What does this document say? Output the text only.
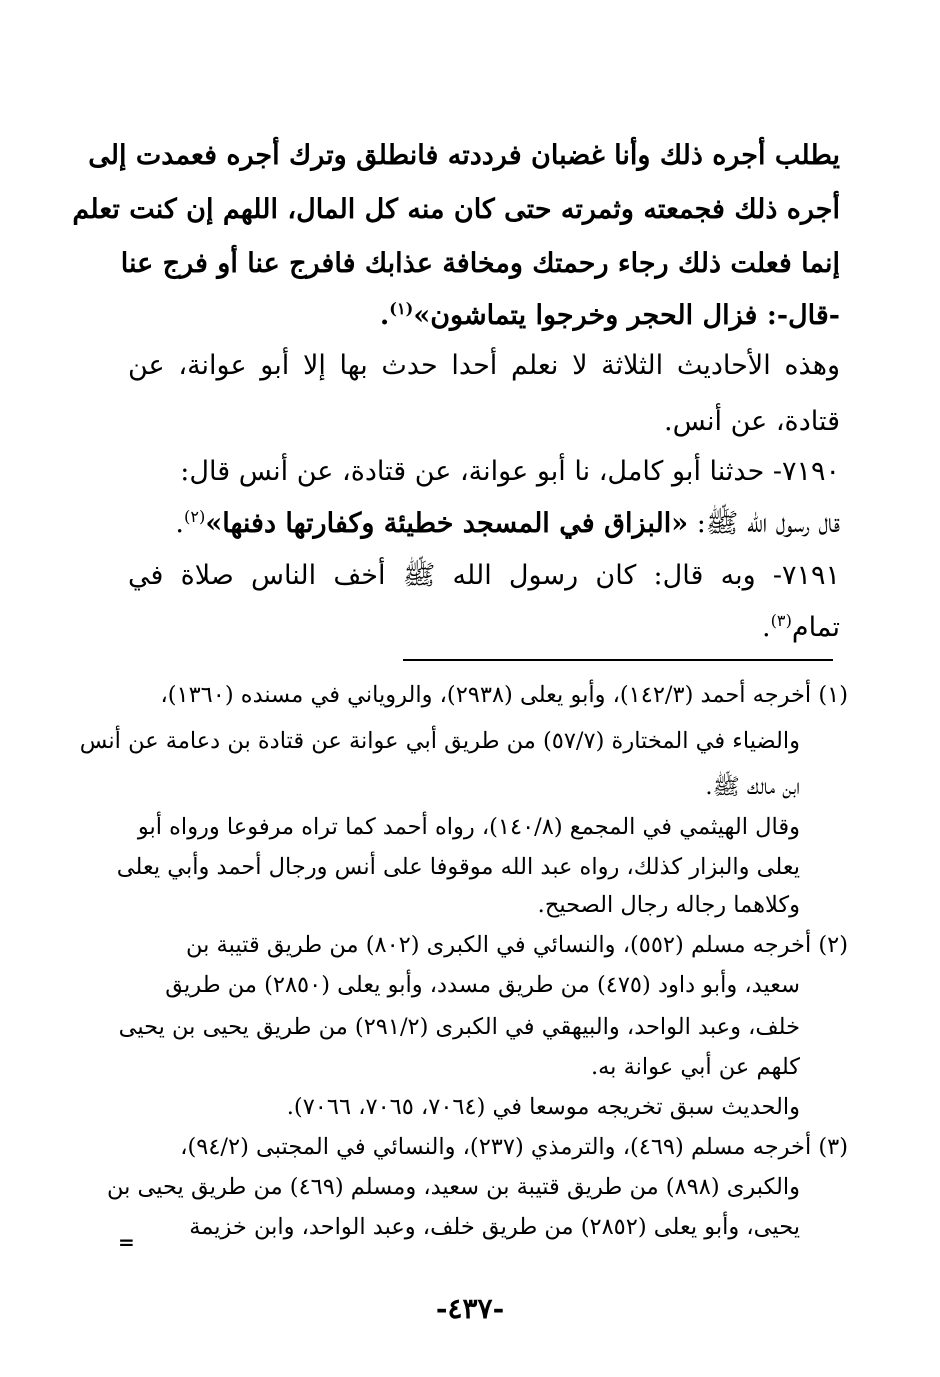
يطلب أجره ذلك وأنا غضبان فرددته فانطلق وترك أجره فعمدت إلى
أجره ذلك فجمعته وثمرته حتى كان منه كل المال، اللهم إن كنت تعلم
إنما فعلت ذلك رجاء رحمتك ومخافة عذابك فافرج عنا أو فرج عنا
-قال-: فزال الحجر وخرجوا يتماشون»$^{(١)}$.
وهذه الأحاديث الثلاثة لا نعلم أحدا حدث بها إلا أبو عوانة، عن
قتادة، عن أنس.
٧١٩٠- حدثنا أبو كامل، نا أبو عوانة، عن قتادة، عن أنس قال:
قال رسول الله ﷺ: «البزاق في المسجد خطيئة وكفارتها دفنها»$^{(٢)}$.
٧١٩١- وبه قال: كان رسول الله ﷺ أخف الناس صلاة في
تمام$^{(٣)}$.
(١) أخرجه أحمد (١٤٢/٣)، وأبو يعلى (٢٩٣٨)، والروياني في مسنده (١٣٦٠)،
والضياء في المختارة (٥٧/٧) من طريق أبي عوانة عن قتادة بن دعامة عن أنس
ابن مالك ﷺ.
وقال الهيثمي في المجمع (١٤٠/٨)، رواه أحمد كما تراه مرفوعا ورواه أبو
يعلى والبزار كذلك، رواه عبد الله موقوفا على أنس ورجال أحمد وأبي يعلى
وكلاهما رجاله رجال الصحيح.
(٢) أخرجه مسلم (٥٥٢)، والنسائي في الكبرى (٨٠٢) من طريق قتيبة بن
سعيد، وأبو داود (٤٧٥) من طريق مسدد، وأبو يعلى (٢٨٥٠) من طريق
خلف، وعبد الواحد، والبيهقي في الكبرى (٢٩١/٢) من طريق يحيى بن يحيى
كلهم عن أبي عوانة به.
والحديث سبق تخريجه موسعا في (٧٠٦٤، ٧٠٦٥، ٧٠٦٦).
(٣) أخرجه مسلم (٤٦٩)، والترمذي (٢٣٧)، والنسائي في المجتبى (٩٤/٢)،
والكبرى (٨٩٨) من طريق قتيبة بن سعيد، ومسلم (٤٦٩) من طريق يحيى بن
يحيى، وأبو يعلى (٢٨٥٢) من طريق خلف، وعبد الواحد، وابن خزيمة
=
-٤٣٧-
